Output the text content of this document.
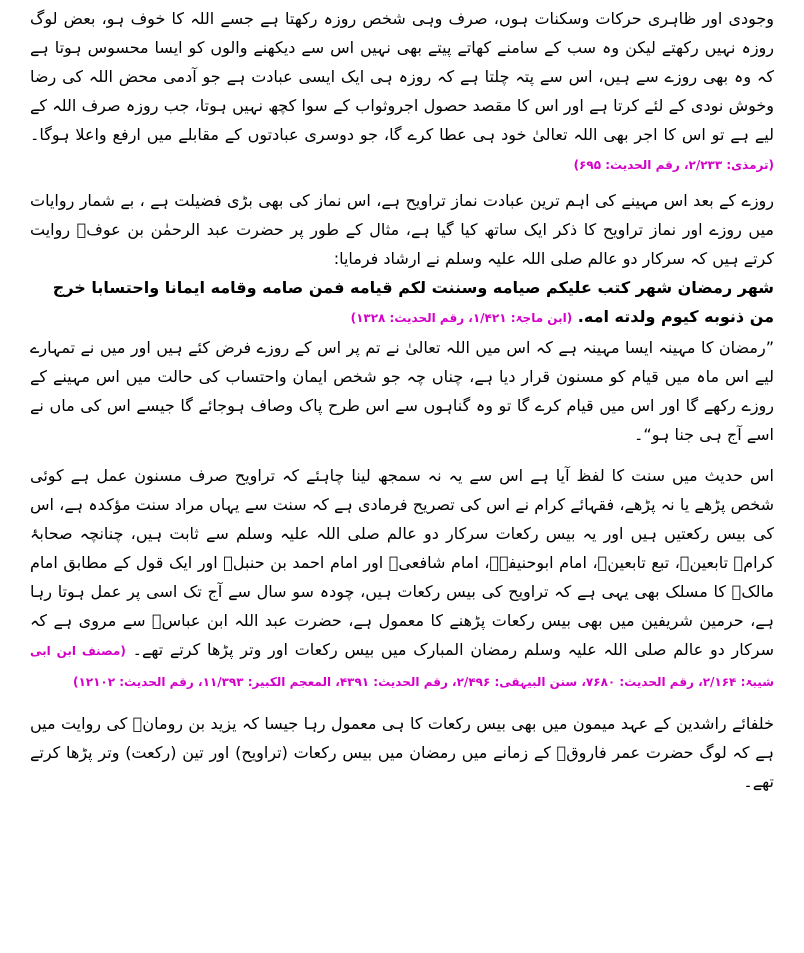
وجودی اور ظاہری حرکات وسکنات ہوں، صرف وہی شخص روزہ رکھتا ہے جسے اللہ کا خوف ہو، بعض لوگ روزہ نہیں رکھتے لیکن وہ سب کے سامنے کھاتے پیتے بھی نہیں اس سے دیکھنے والوں کو ایسا محسوس ہوتا ہے کہ وہ بھی روزے سے ہیں، اس سے پتہ چلتا ہے کہ روزہ ہی ایک ایسی عبادت ہے جو آدمی محض اللہ کی رضا وخوش نودی کے لئے کرتا ہے اور اس کا مقصد حصول اجروثواب کے سوا کچھ نہیں ہوتا، جب روزہ صرف اللہ کے لیے ہے تو اس کا اجر بھی اللہ تعالیٰ خود ہی عطا کرے گا، جو دوسری عبادتوں کے مقابلے میں ارفع واعلا ہوگا۔ (ترمذی: ۲/۲۳۳، رقم الحدیث: ۶۹۵)

روزے کے بعد اس مہینے کی اہم ترین عبادت نماز تراویح ہے، اس نماز کی بھی بڑی فضیلت ہے ، بے شمار روایات میں روزے اور نماز تراویح کا ذکر ایک ساتھ کیا گیا ہے، مثال کے طور پر حضرت عبد الرحمٰن بن عوفؓ روایت کرتے ہیں کہ سرکار دو عالم صلی اللہ علیہ وسلم نے ارشاد فرمایا:

شهر رمضان شهر كتب عليكم صيامه وسننت لكم قيامه فمن صامه وقامه ايمانا واحتسابا خرج من ذنوبه كيوم ولدته امه. (ابن ماجۃ: ۱/۴۲۱، رقم الحدیث: ۱۳۲۸)

”رمضان کا مہینہ ایسا مہینہ ہے کہ اس میں اللہ تعالیٰ نے تم پر اس کے روزے فرض کئے ہیں اور میں نے تمہارے لیے اس ماہ میں قیام کو مسنون قرار دیا ہے، چناں چہ جو شخص ایمان واحتساب کی حالت میں اس مہینے کے روزے رکھے گا اور اس میں قیام کرے گا تو وہ گناہوں سے اس طرح پاک وصاف ہوجائے گا جیسے اس کی ماں نے اسے آج ہی جنا ہو“۔

اس حدیث میں سنت کا لفظ آیا ہے اس سے یہ نہ سمجھ لینا چاہئے کہ تراویح صرف مسنون عمل ہے کوئی شخص پڑھے یا نہ پڑھے، فقہائے کرام نے اس کی تصریح فرمادی ہے کہ سنت سے یہاں مراد سنت مؤکدہ ہے، اس کی بیس رکعتیں ہیں اور یہ بیس رکعات سرکار دو عالم صلی اللہ علیہ وسلم سے ثابت ہیں، چنانچہ صحابۂ کرامؓ تابعینؒ، تبع تابعینؒ، امام ابوحنیفہؒ، امام شافعیؒ اور امام احمد بن حنبلؒ اور ایک قول کے مطابق امام مالکؒ کا مسلک بھی یہی ہے کہ تراویح کی بیس رکعات ہیں، چودہ سو سال سے آج تک اسی پر عمل ہوتا رہا ہے، حرمین شریفین میں بھی بیس رکعات پڑھنے کا معمول ہے، حضرت عبد اللہ ابن عباسؓ سے مروی ہے کہ سرکار دو عالم صلی اللہ علیہ وسلم رمضان المبارک میں بیس رکعات اور وتر پڑھا کرتے تھے۔ (مصنف ابن ابی شیبۃ: ۲/۱۶۴، رقم الحدیث: ۷۶۸۰، سنن البیہقی: ۲/۴۹۶، رقم الحدیث: ۴۳۹۱، المعجم الکبیر: ۱۱/۳۹۳، رقم الحدیث: ۱۲۱۰۲)

خلفائے راشدین کے عہد میمون میں بھی بیس رکعات کا ہی معمول رہا جیسا کہ یزید بن رومانؒ کی روایت میں ہے کہ لوگ حضرت عمر فاروقؓ کے زمانے میں رمضان میں بیس رکعات (تراویح) اور تین (رکعت) وتر پڑھا کرتے تھے۔
